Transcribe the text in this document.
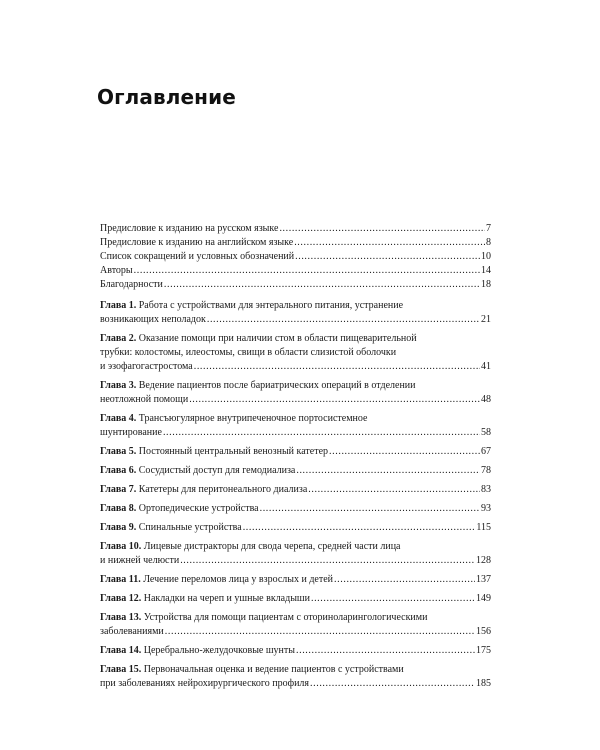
Оглавление
Предисловие к изданию на русском языке .....	7
Предисловие к изданию на английском языке .....	8
Список сокращений и условных обозначений .....	10
Авторы .....	14
Благодарности .....	18
Глава 1. Работа с устройствами для энтерального питания, устранение
возникающих неполадок .....	21
Глава 2. Оказание помощи при наличии стом в области пищеварительной
трубки: колостомы, илеостомы, свищи в области слизистой оболочки
и эзофагогастростома .....	41
Глава 3. Ведение пациентов после бариатрических операций в отделении
неотложной помощи .....	48
Глава 4. Трансъюгулярное внутрипеченочное портосистемное
шунтирование .....	58
Глава 5. Постоянный центральный венозный катетер .....	67
Глава 6. Сосудистый доступ для гемодиализа .....	78
Глава 7. Катетеры для перитонеального диализа .....	83
Глава 8. Ортопедические устройства .....	93
Глава 9. Спинальные устройства .....	115
Глава 10. Лицевые дистракторы для свода черепа, средней части лица
и нижней челюсти .....	128
Глава 11. Лечение переломов лица у взрослых и детей .....	137
Глава 12. Накладки на череп и ушные вкладыши .....	149
Глава 13. Устройства для помощи пациентам с оториноларингологическими
заболеваниями .....	156
Глава 14. Церебрально-желудочковые шунты .....	175
Глава 15. Первоначальная оценка и ведение пациентов с устройствами
при заболеваниях нейрохирургического профиля .....	185
